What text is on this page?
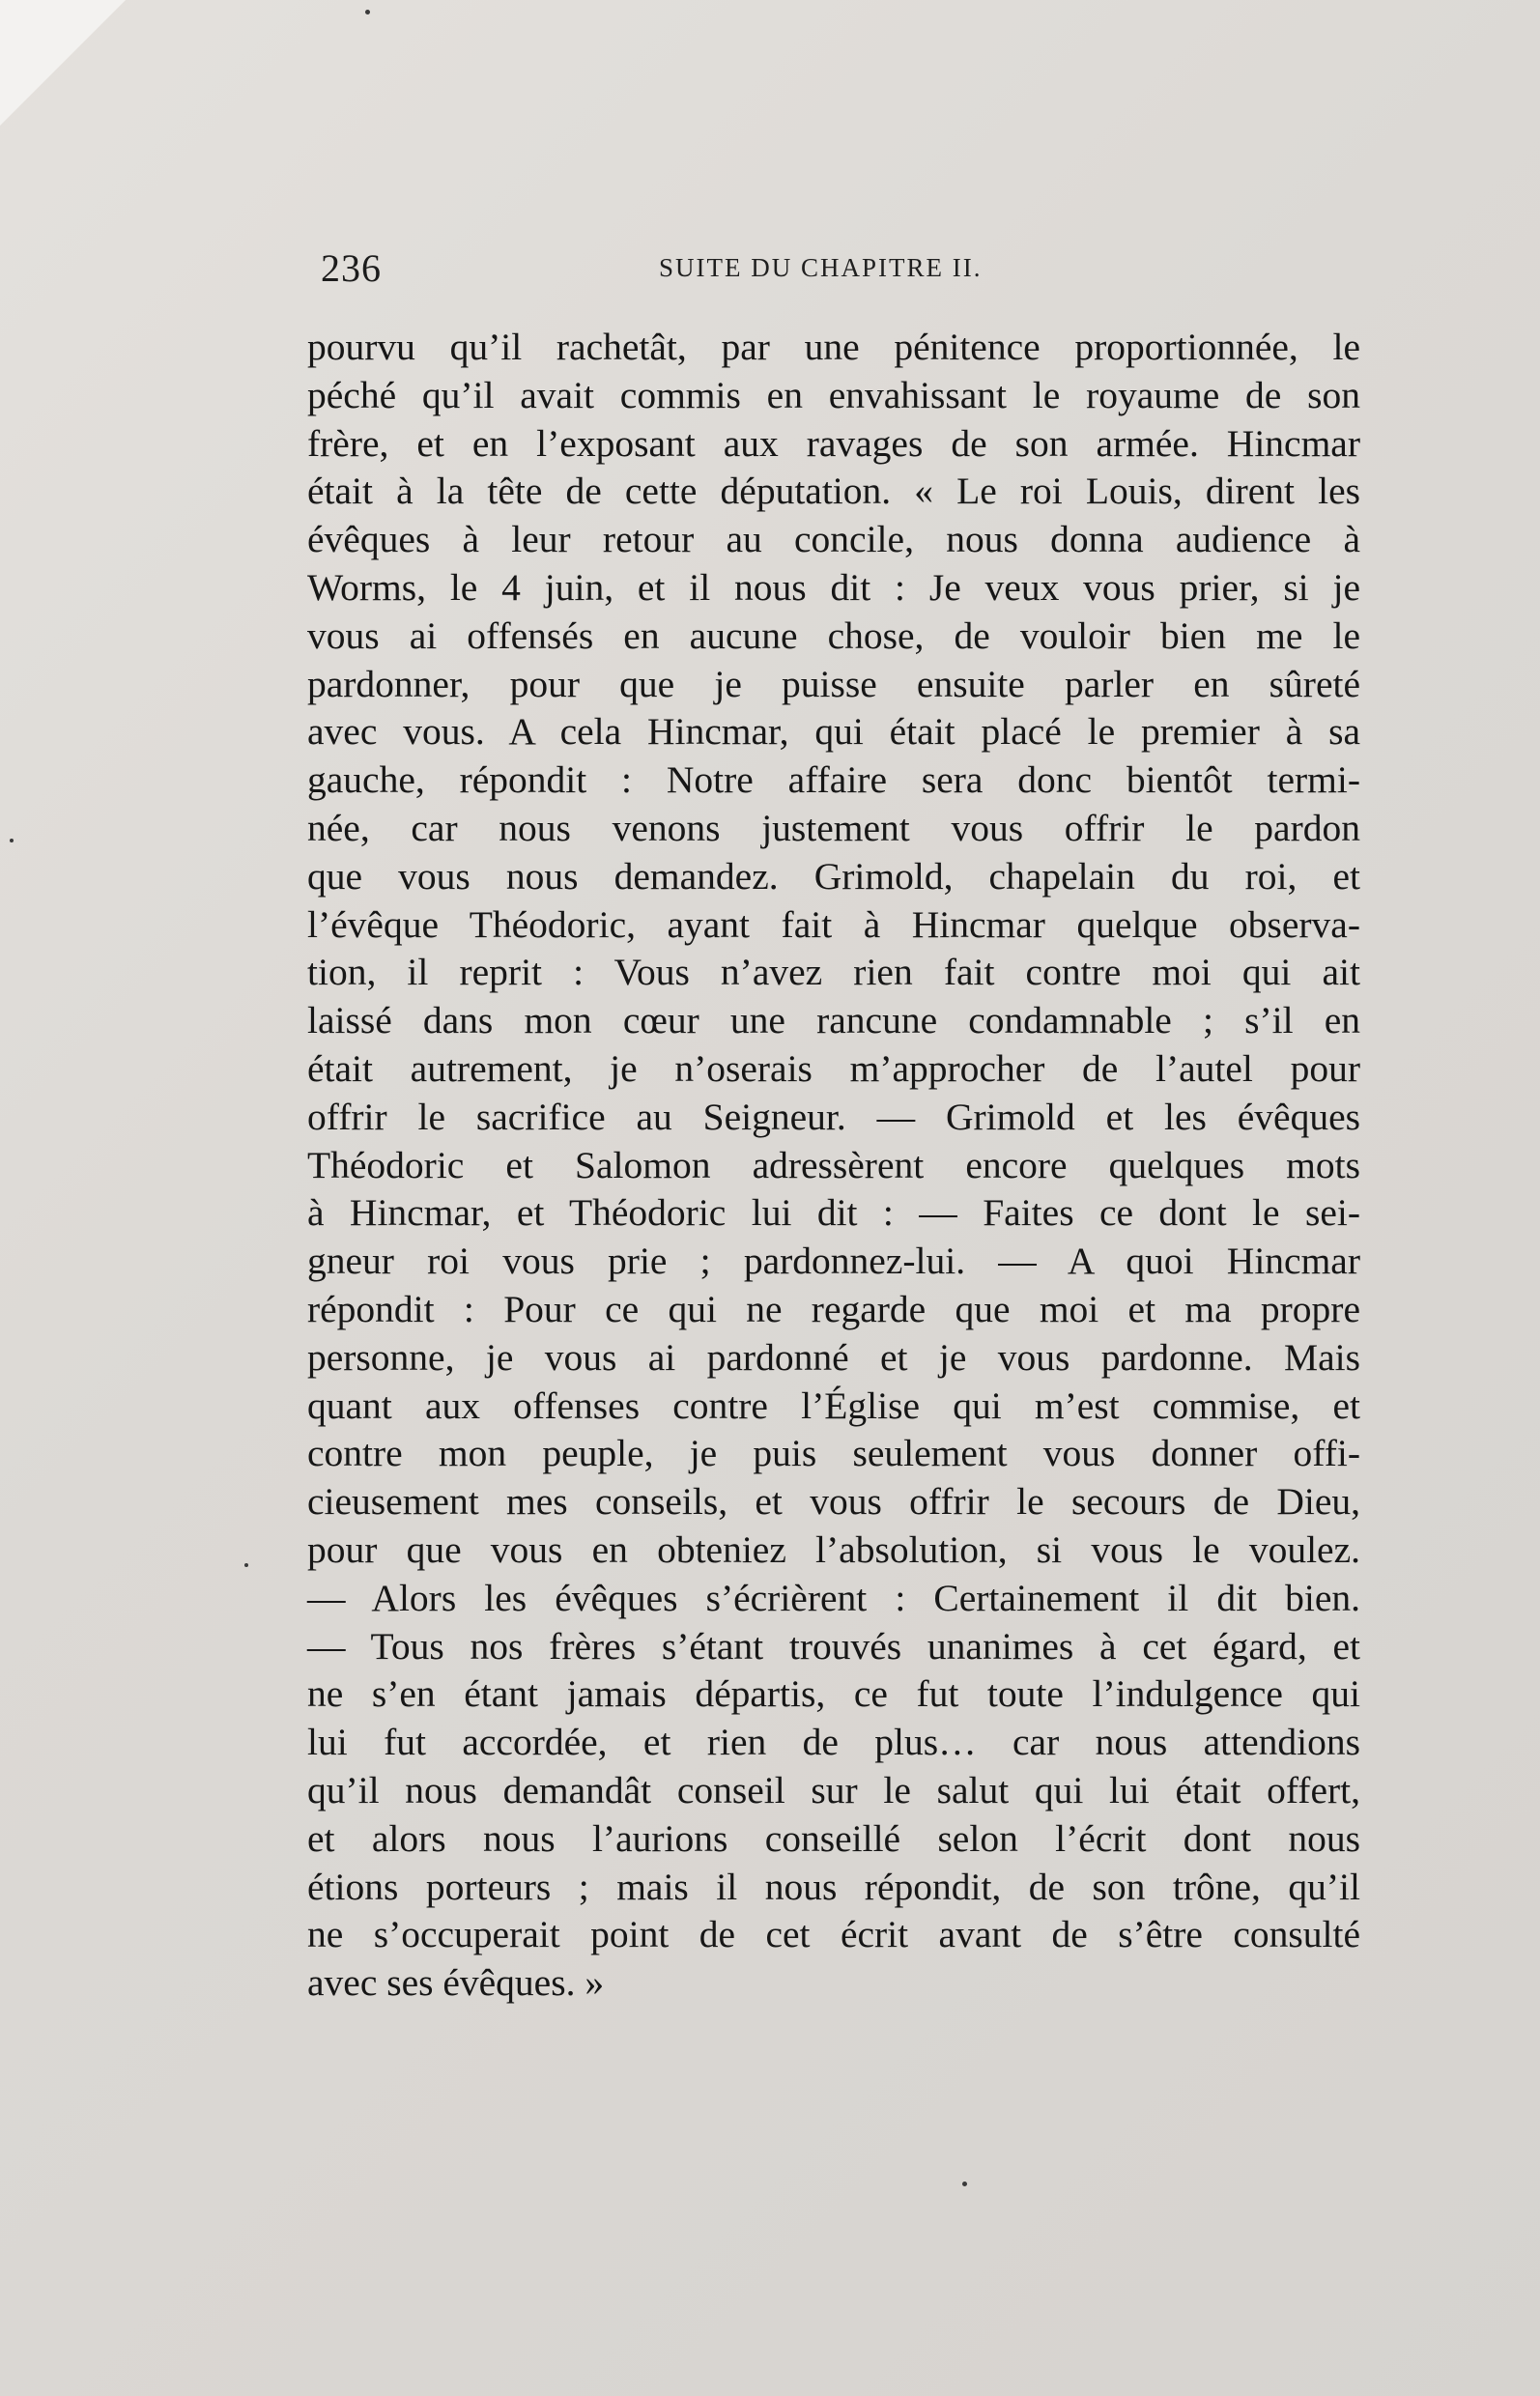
236	SUITE DU CHAPITRE II.
pourvu qu’il rachetât, par une pénitence proportionnée, le
péché qu’il avait commis en envahissant le royaume de son
frère, et en l’exposant aux ravages de son armée. Hincmar
était à la tête de cette députation. « Le roi Louis, dirent les
évêques à leur retour au concile, nous donna audience à
Worms, le 4 juin, et il nous dit : Je veux vous prier, si je
vous ai offensés en aucune chose, de vouloir bien me le
pardonner, pour que je puisse ensuite parler en sûreté
avec vous. A cela Hincmar, qui était placé le premier à sa
gauche, répondit : Notre affaire sera donc bientôt termi-
née, car nous venons justement vous offrir le pardon
que vous nous demandez. Grimold, chapelain du roi, et
l’évêque Théodoric, ayant fait à Hincmar quelque observa-
tion, il reprit : Vous n’avez rien fait contre moi qui ait
laissé dans mon cœur une rancune condamnable ; s’il en
était autrement, je n’oserais m’approcher de l’autel pour
offrir le sacrifice au Seigneur. — Grimold et les évêques
Théodoric et Salomon adressèrent encore quelques mots
à Hincmar, et Théodoric lui dit : — Faites ce dont le sei-
gneur roi vous prie ; pardonnez-lui. — A quoi Hincmar
répondit : Pour ce qui ne regarde que moi et ma propre
personne, je vous ai pardonné et je vous pardonne. Mais
quant aux offenses contre l’Église qui m’est commise, et
contre mon peuple, je puis seulement vous donner offi-
cieusement mes conseils, et vous offrir le secours de Dieu,
pour que vous en obteniez l’absolution, si vous le voulez.
— Alors les évêques s’écrièrent : Certainement il dit bien.
— Tous nos frères s’étant trouvés unanimes à cet égard, et
ne s’en étant jamais départis, ce fut toute l’indulgence qui
lui fut accordée, et rien de plus… car nous attendions
qu’il nous demandât conseil sur le salut qui lui était offert,
et alors nous l’aurions conseillé selon l’écrit dont nous
étions porteurs ; mais il nous répondit, de son trône, qu’il
ne s’occuperait point de cet écrit avant de s’être consulté
avec ses évêques. »
